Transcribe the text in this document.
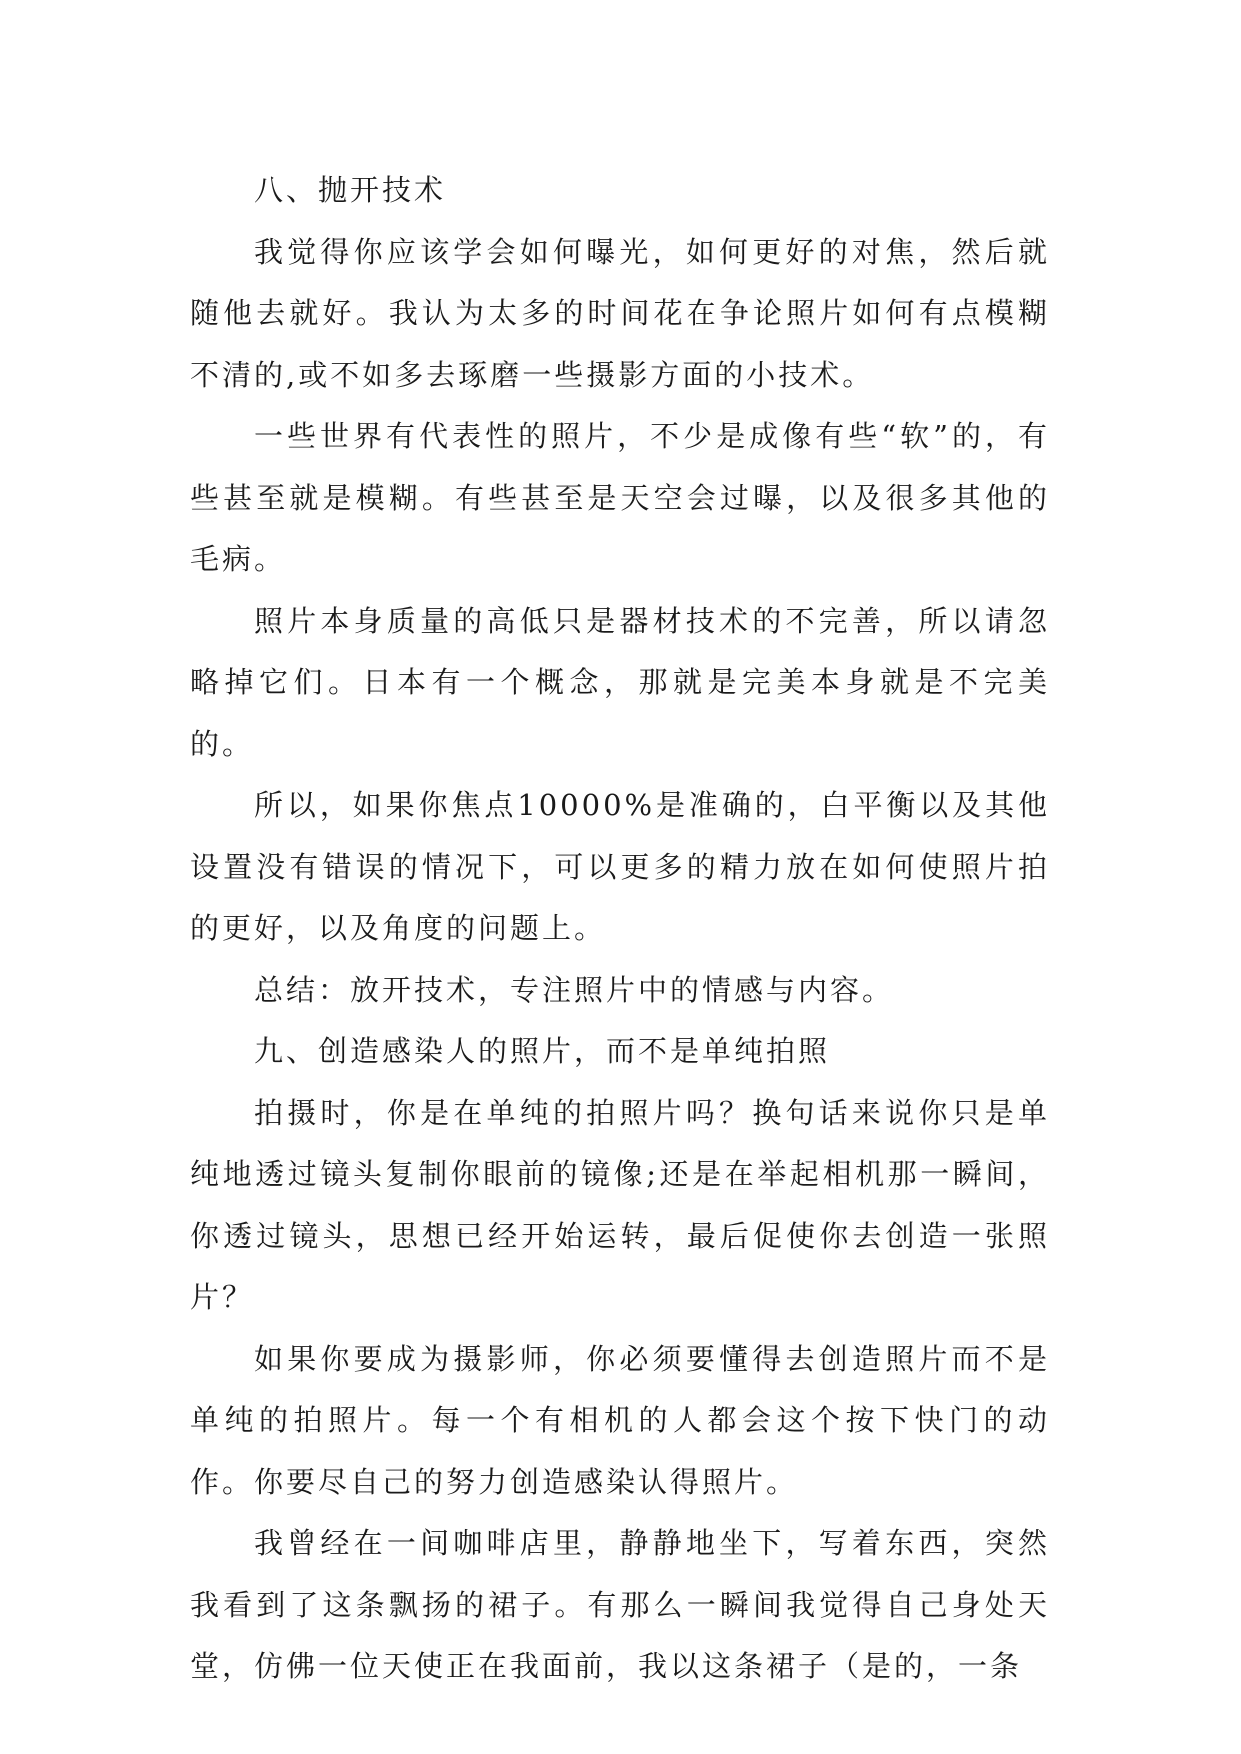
八、抛开技术

我觉得你应该学会如何曝光，如何更好的对焦，然后就随他去就好。我认为太多的时间花在争论照片如何有点模糊不清的,或不如多去琢磨一些摄影方面的小技术。

一些世界有代表性的照片，不少是成像有些“软”的，有些甚至就是模糊。有些甚至是天空会过曝，以及很多其他的毛病。

照片本身质量的高低只是器材技术的不完善，所以请忽略掉它们。日本有一个概念，那就是完美本身就是不完美的。

所以，如果你焦点10000%是准确的，白平衡以及其他设置没有错误的情况下，可以更多的精力放在如何使照片拍的更好，以及角度的问题上。

总结：放开技术，专注照片中的情感与内容。

九、创造感染人的照片，而不是单纯拍照

拍摄时，你是在单纯的拍照片吗？换句话来说你只是单纯地透过镜头复制你眼前的镜像;还是在举起相机那一瞬间，你透过镜头，思想已经开始运转，最后促使你去创造一张照片？

如果你要成为摄影师，你必须要懂得去创造照片而不是单纯的拍照片。每一个有相机的人都会这个按下快门的动作。你要尽自己的努力创造感染认得照片。

我曾经在一间咖啡店里，静静地坐下，写着东西，突然我看到了这条飘扬的裙子。有那么一瞬间我觉得自己身处天堂，仿佛一位天使正在我面前，我以这条裙子（是的，一条
